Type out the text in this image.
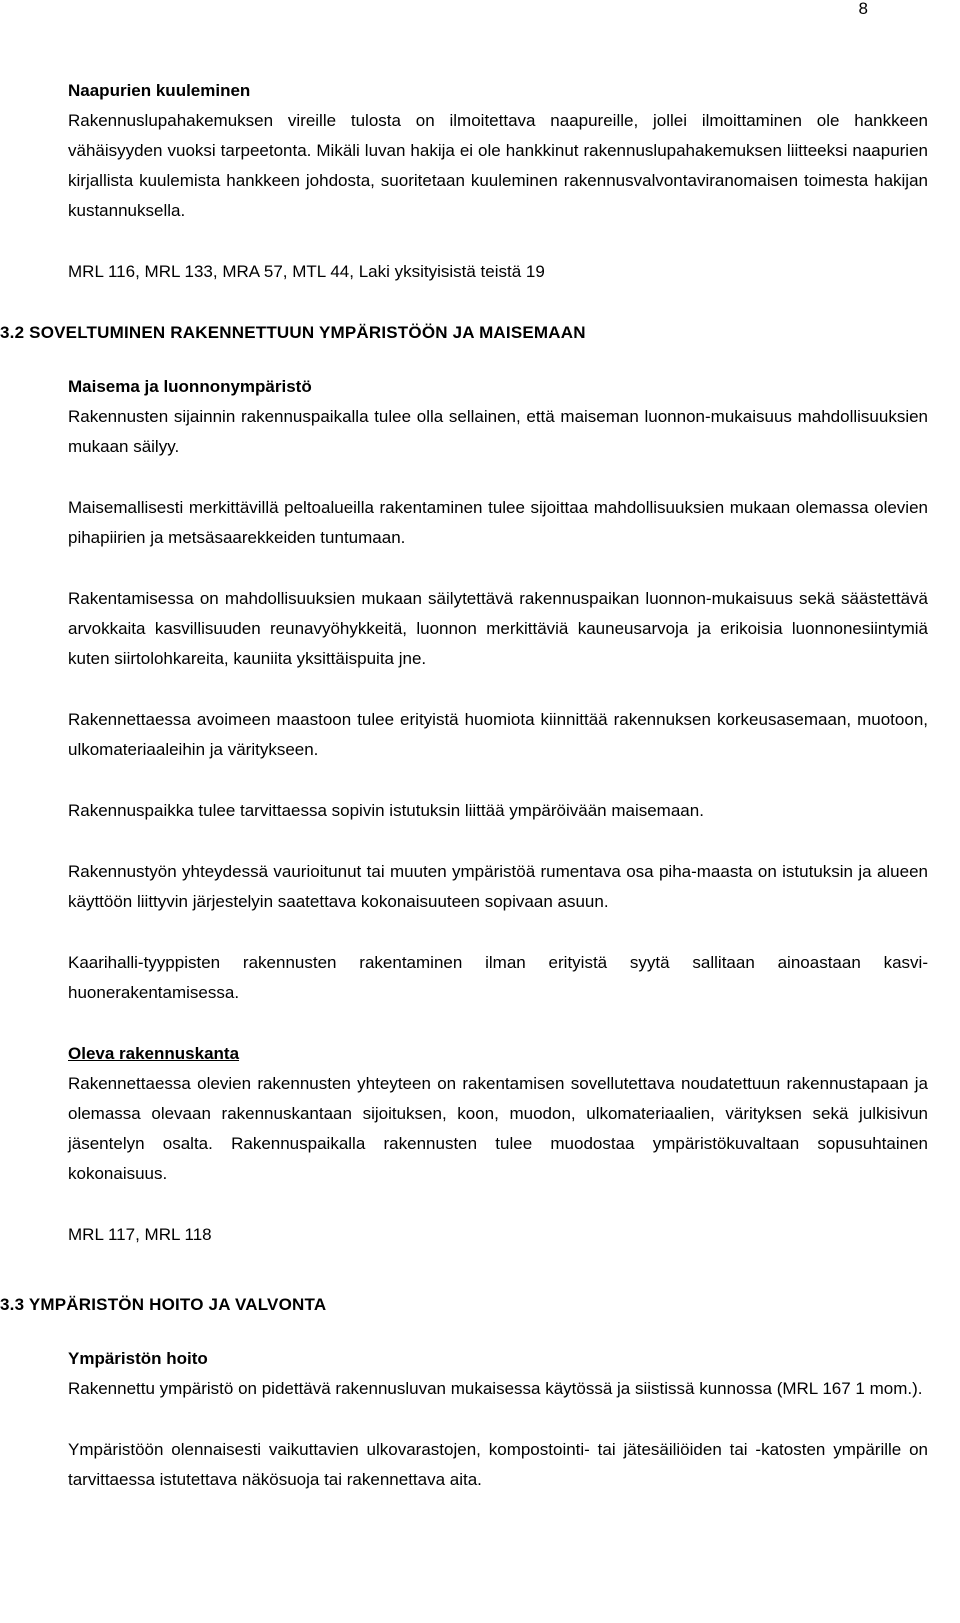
8

Naapurien kuuleminen

Rakennuslupahakemuksen vireille tulosta on ilmoitettava naapureille, jollei ilmoittaminen ole hankkeen vähäisyyden vuoksi tarpeetonta. Mikäli luvan hakija ei ole hankkinut rakennuslupahakemuksen liitteeksi naapurien kirjallista kuulemista hankkeen johdosta, suoritetaan kuuleminen rakennusvalvontaviranomaisen toimesta hakijan kustannuksella.

MRL 116, MRL 133, MRA 57, MTL 44, Laki yksityisistä teistä 19

3.2 SOVELTUMINEN RAKENNETTUUN YMPÄRISTÖÖN JA MAISEMAAN

Maisema ja luonnonympäristö

Rakennusten sijainnin rakennuspaikalla tulee olla sellainen, että maiseman luonnon-mukaisuus mahdollisuuksien mukaan säilyy.

Maisemallisesti merkittävillä peltoalueilla rakentaminen tulee sijoittaa mahdollisuuksien mukaan olemassa olevien pihapiirien ja metsäsaarekkeiden tuntumaan.

Rakentamisessa on mahdollisuuksien mukaan säilytettävä rakennuspaikan luonnon-mukaisuus sekä säästettävä arvokkaita kasvillisuuden reunavyöhykkeitä, luonnon merkittäviä kauneusarvoja ja erikoisia luonnonesiintymiä kuten siirtolohkareita, kauniita yksittäispuita jne.

Rakennettaessa avoimeen maastoon tulee erityistä huomiota kiinnittää rakennuksen korkeusasemaan, muotoon, ulkomateriaaleihin ja väritykseen.

Rakennuspaikka tulee tarvittaessa sopivin istutuksin liittää ympäröivään maisemaan.

Rakennustyön yhteydessä vaurioitunut tai muuten ympäristöä rumentava osa piha-maasta on istutuksin ja alueen käyttöön liittyvin järjestelyin saatettava kokonaisuuteen sopivaan asuun.

Kaarihalli-tyyppisten rakennusten rakentaminen ilman erityistä syytä sallitaan ainoastaan kasvihuonerakentamisessa.

Oleva rakennuskanta

Rakennettaessa olevien rakennusten yhteyteen on rakentamisen sovellutettava noudatettuun rakennustapaan ja olemassa olevaan rakennuskantaan sijoituksen, koon, muodon, ulkomateriaalien, värityksen sekä julkisivun jäsentelyn osalta. Rakennuspaikalla rakennusten tulee muodostaa ympäristökuvaltaan sopusuhtainen kokonaisuus.

MRL 117, MRL 118

3.3 YMPÄRISTÖN HOITO JA VALVONTA

Ympäristön hoito

Rakennettu ympäristö on pidettävä rakennusluvan mukaisessa käytössä ja siistissä kunnossa (MRL 167 1 mom.).

Ympäristöön olennaisesti vaikuttavien ulkovarastojen, kompostointi- tai jätesäiliöiden tai -katosten ympärille on tarvittaessa istutettava näkösuoja tai rakennettava aita.
